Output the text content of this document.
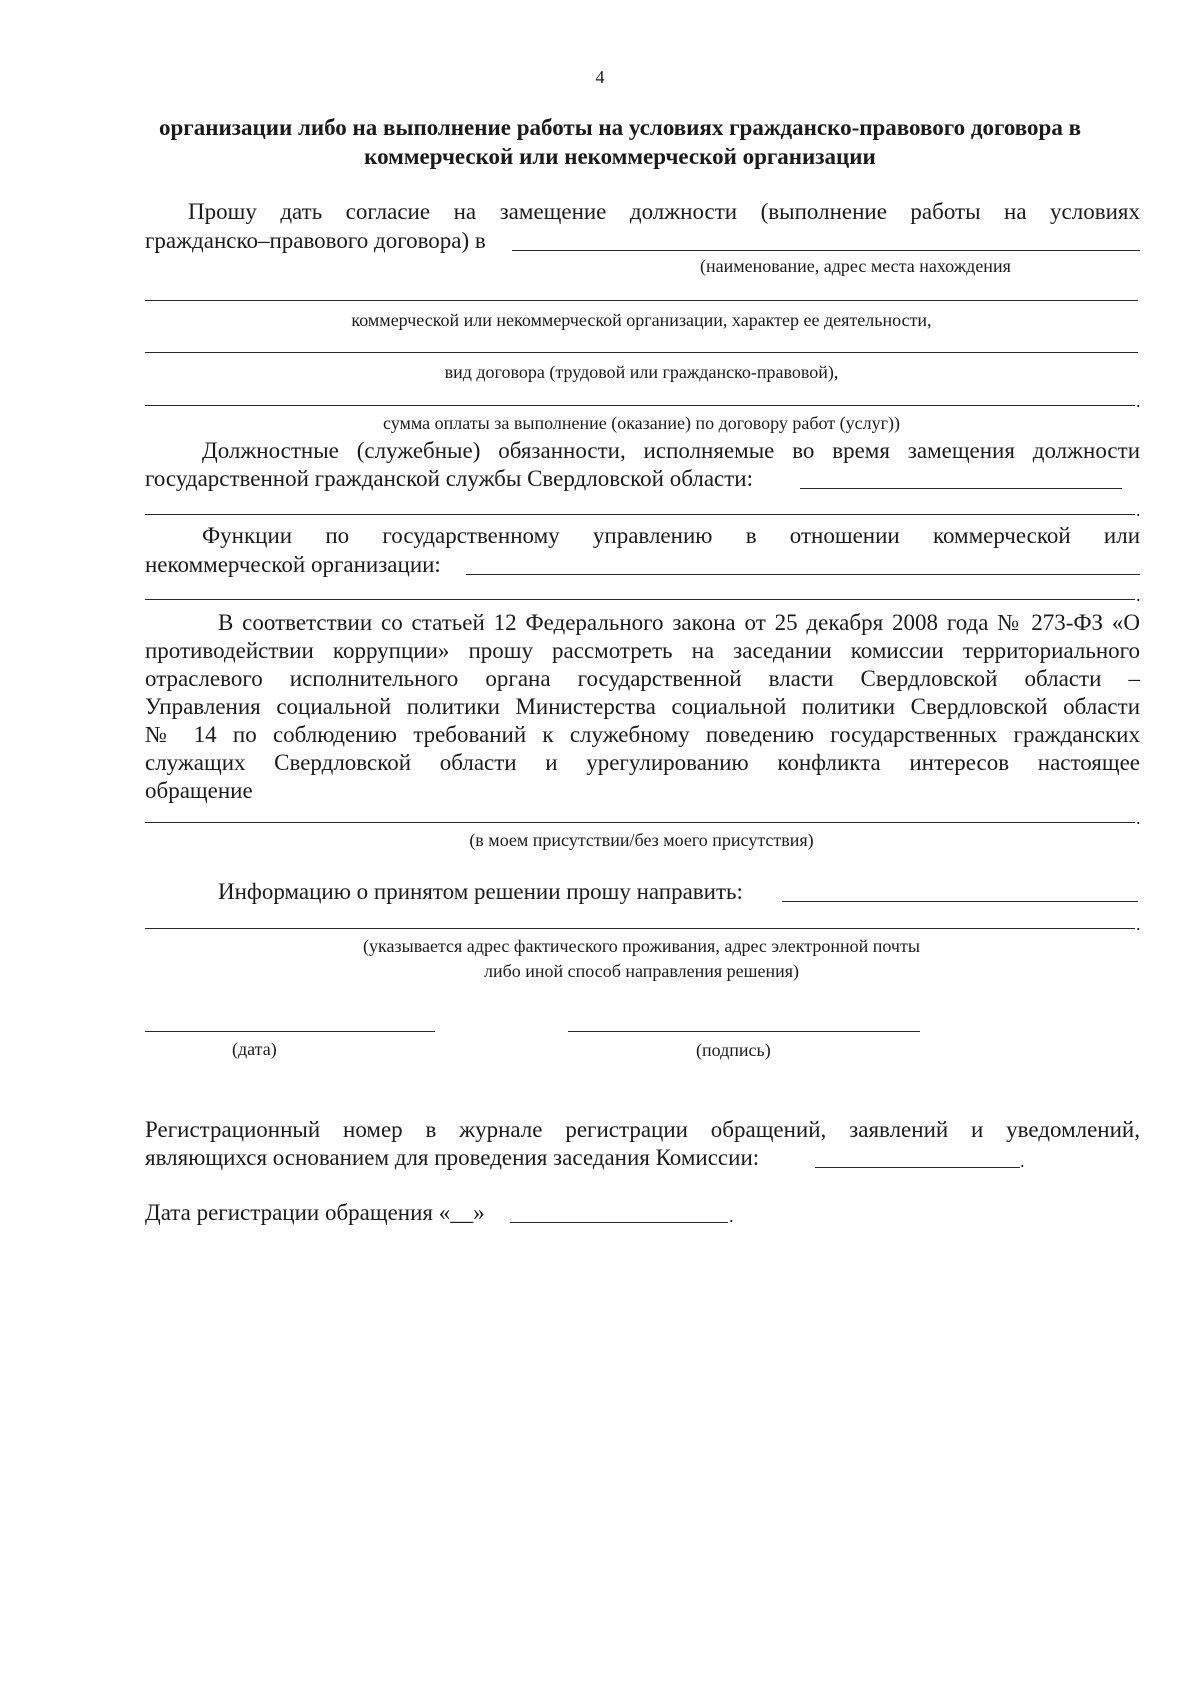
4
организации либо на выполнение работы на условиях гражданско-правового договора в
коммерческой или некоммерческой организации
Прошу дать согласие на замещение должности (выполнение работы на условиях
гражданско–правового договора) в
(наименование, адрес места нахождения
коммерческой или некоммерческой организации, характер ее деятельности,
вид договора (трудовой или гражданско-правовой),
.
сумма оплаты за выполнение (оказание) по договору работ (услуг))
Должностные (служебные) обязанности, исполняемые во время замещения должности
государственной гражданской службы Свердловской области:
.
Функции по государственному управлению в отношении коммерческой или
некоммерческой организации:
.
В соответствии со статьей 12 Федерального закона от 25 декабря 2008 года № 273-ФЗ «О
противодействии коррупции» прошу рассмотреть на заседании комиссии территориального
отраслевого исполнительного органа государственной власти Свердловской области –
Управления социальной политики Министерства социальной политики Свердловской области
№ 14 по соблюдению требований к служебному поведению государственных гражданских
служащих Свердловской области и урегулированию конфликта интересов настоящее
обращение
.
(в моем присутствии/без моего присутствия)
Информацию о принятом решении прошу направить:
.
(указывается адрес фактического проживания, адрес электронной почты
либо иной способ направления решения)
(дата)	(подпись)
Регистрационный номер в журнале регистрации обращений, заявлений и уведомлений,
являющихся основанием для проведения заседания Комиссии:	.
Дата регистрации обращения «__»	.
